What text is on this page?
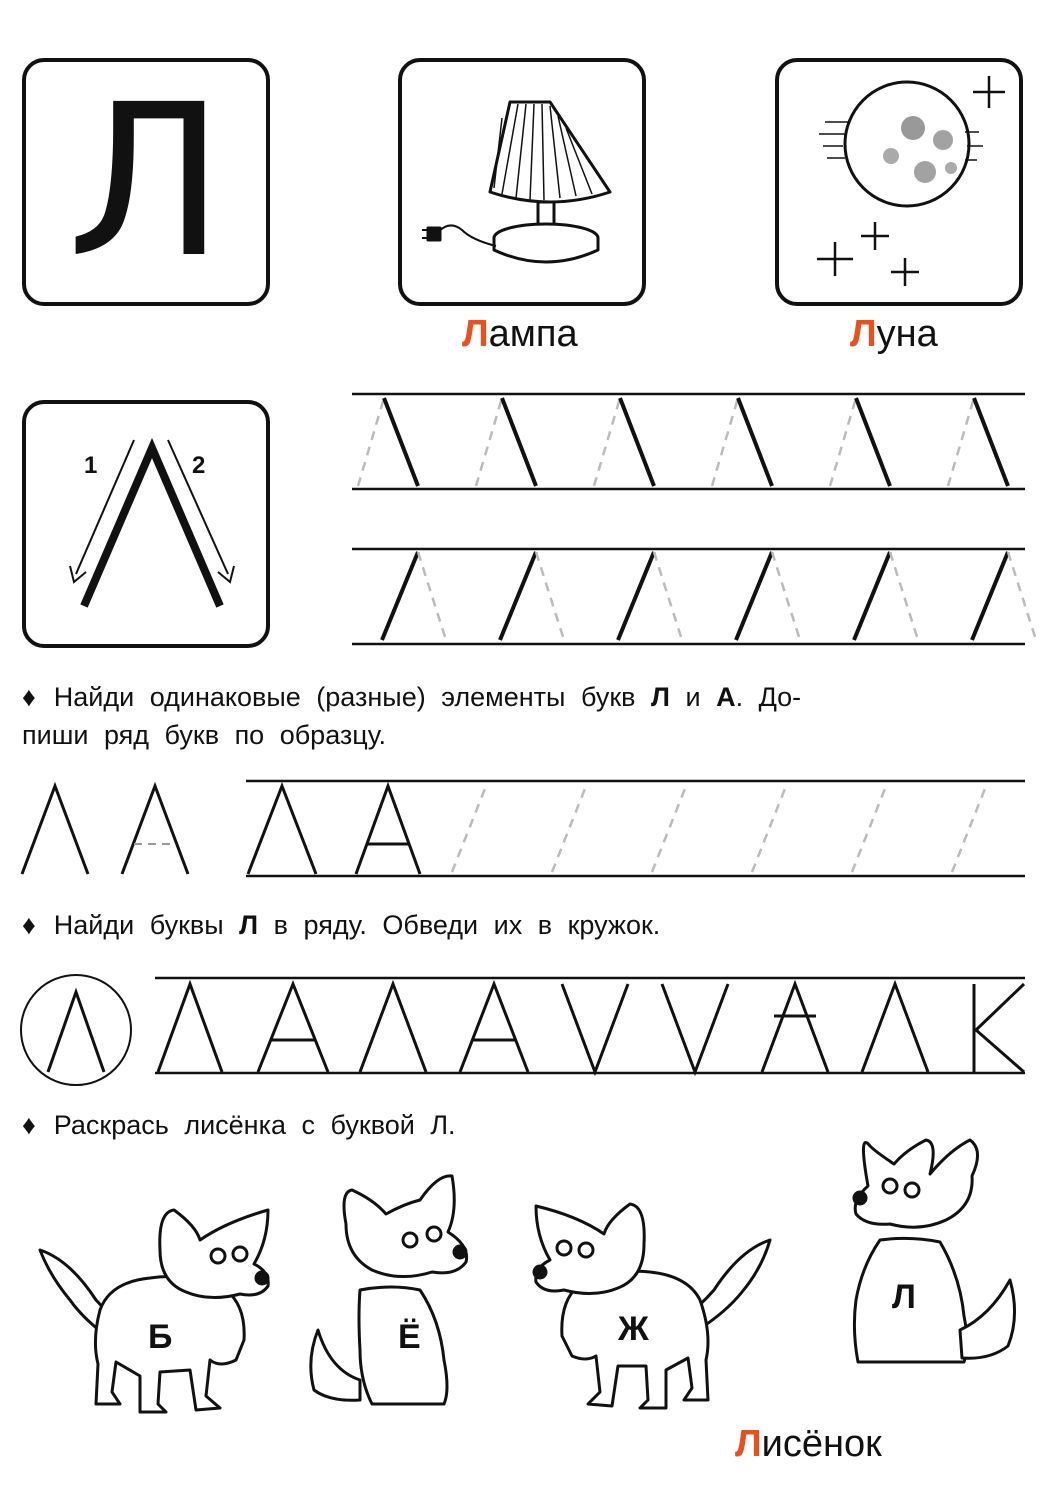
Л
Лампа	Луна
1	2
♦ Найди одинаковые (разные) элементы букв Л и А. До-
пиши ряд букв по образцу.
♦ Найди буквы Л в ряду. Обведи их в кружок.
♦ Раскрась лисёнка с буквой Л.
Б	Ё	Ж
Л
Лисёнок
